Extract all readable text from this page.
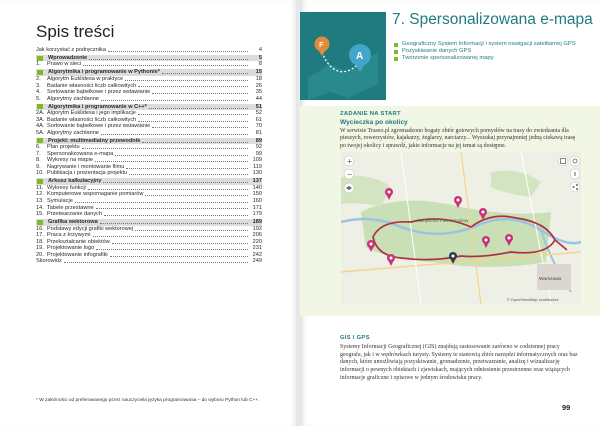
Spis treści
Jak korzystać z podręcznika	4
Wprowadzenie	5
1.	Prawo w sieci	8
Algorytmika i programowanie w Pythonie*	15
2.	Algorytm Euklidesa w praktyce	18
3.	Badanie własności liczb całkowitych	26
4.	Sortowanie bąbelkowe i przez wstawianie	35
5.	Algorytmy zachłanne	44
Algorytmika i programowanie w C++*	51
2A. Algorytm Euklidesa i jego implikacje	52
3A. Badanie własności liczb całkowitych	61
4A. Sortowanie bąbelkowe i przez wstawianie	70
5A. Algorytmy zachłanne	81
Projekt: multimedialny przewodnik	89
6.	Plan projektu	92
7.	Spersonalizowana e-mapa	99
8.	Wykresy na mapie	109
9.	Nagrywanie i montowanie filmu	119
10. Publikacja i prezentacja projektu	130
Arkusz kalkulacyjny	137
11. Wykresy funkcji	140
12. Komputerowe wspomaganie pomiarów	150
13. Symulacje	160
14. Tabele przestawne	171
15. Przetwarzanie danych	179
Grafika wektorowa	189
16. Podstawy edycji grafiki wektorowej	192
17. Praca z krzywymi	206
18. Przekształcanie obiektów	220
19. Projektowanie logo	231
20. Projektowanie infografiki	242
Skorowidz	249
* W zależności od preferowanego przez nauczyciela języka programowania – do wyboru Python lub C++.
A
F
7. Spersonalizowana e-mapa
Geograficzny System Informacji i system nawigacji satelitarnej GPS
Pozyskiwanie danych GPS
Tworzenie spersonalizowanej mapy
ZADANIE NA START
Wycieczka po okolicy
W serwisie Traseo.pl zgromadzono bogaty zbiór gotowych pomysłów na trasy do zwiedzania dla pieszych, rowerzystów, kajakarzy, żeglarzy, narciarzy... Wyszukaj przynajmniej jedną ciekawą trasę po twojej okolicy i sprawdź, jakie informacje na jej temat są dostępne.
Kampinoski Park Narodowy
Warszawa
© OpenStreetMap contributors
+
−
GIS I GPS
Systemy Informacji Geograficznej (GIS) znajdują zastosowanie zarówno w codziennej pracy geografa, jak i w wędrówkach turysty. Systemy te stanowią zbiór narzędzi informatycznych oraz baz danych, które umożliwiają pozyskiwanie, gromadzenie, przetwarzanie, analizę i wizualizację informacji o pewnych obiektach i zjawiskach, mających odniesienie przestrzenne oraz wiążących informacje graficzne i opisowe w jednym środowisku pracy.
99
